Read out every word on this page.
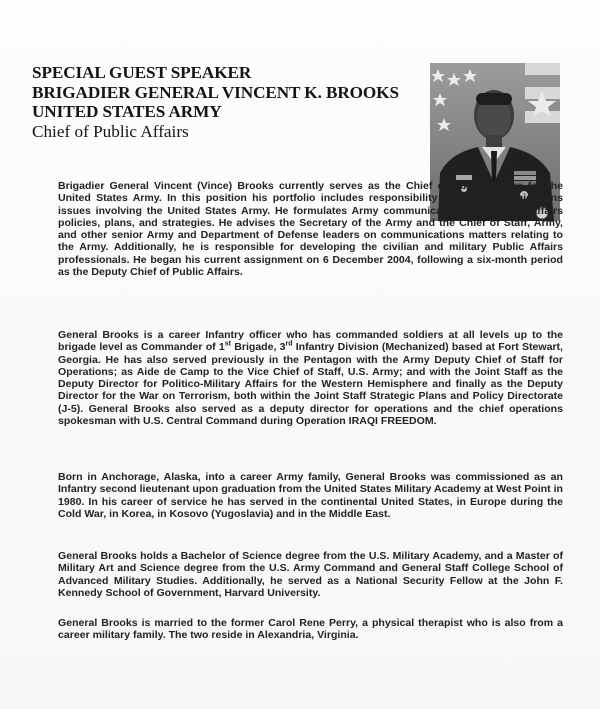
SPECIAL GUEST SPEAKER
BRIGADIER GENERAL VINCENT K. BROOKS
UNITED STATES ARMY
Chief of Public Affairs

Brigadier General Vincent (Vince) Brooks currently serves as the Chief of Public Affairs for the United States Army. In this position his portfolio includes responsibility for all communications issues involving the United States Army. He formulates Army communications and public affairs policies, plans, and strategies. He advises the Secretary of the Army and the Chief of Staff, Army, and other senior Army and Department of Defense leaders on communications matters relating to the Army. Additionally, he is responsible for developing the civilian and military Public Affairs professionals. He began his current assignment on 6 December 2004, following a six-month period as the Deputy Chief of Public Affairs.

General Brooks is a career Infantry officer who has commanded soldiers at all levels up to the brigade level as Commander of 1st Brigade, 3rd Infantry Division (Mechanized) based at Fort Stewart, Georgia. He has also served previously in the Pentagon with the Army Deputy Chief of Staff for Operations; as Aide de Camp to the Vice Chief of Staff, U.S. Army; and with the Joint Staff as the Deputy Director for Politico-Military Affairs for the Western Hemisphere and finally as the Deputy Director for the War on Terrorism, both within the Joint Staff Strategic Plans and Policy Directorate (J-5). General Brooks also served as a deputy director for operations and the chief operations spokesman with U.S. Central Command during Operation IRAQI FREEDOM.

Born in Anchorage, Alaska, into a career Army family, General Brooks was commissioned as an Infantry second lieutenant upon graduation from the United States Military Academy at West Point in 1980. In his career of service he has served in the continental United States, in Europe during the Cold War, in Korea, in Kosovo (Yugoslavia) and in the Middle East.

General Brooks holds a Bachelor of Science degree from the U.S. Military Academy, and a Master of Military Art and Science degree from the U.S. Army Command and General Staff College School of Advanced Military Studies. Additionally, he served as a National Security Fellow at the John F. Kennedy School of Government, Harvard University.

General Brooks is married to the former Carol Rene Perry, a physical therapist who is also from a career military family. The two reside in Alexandria, Virginia.
